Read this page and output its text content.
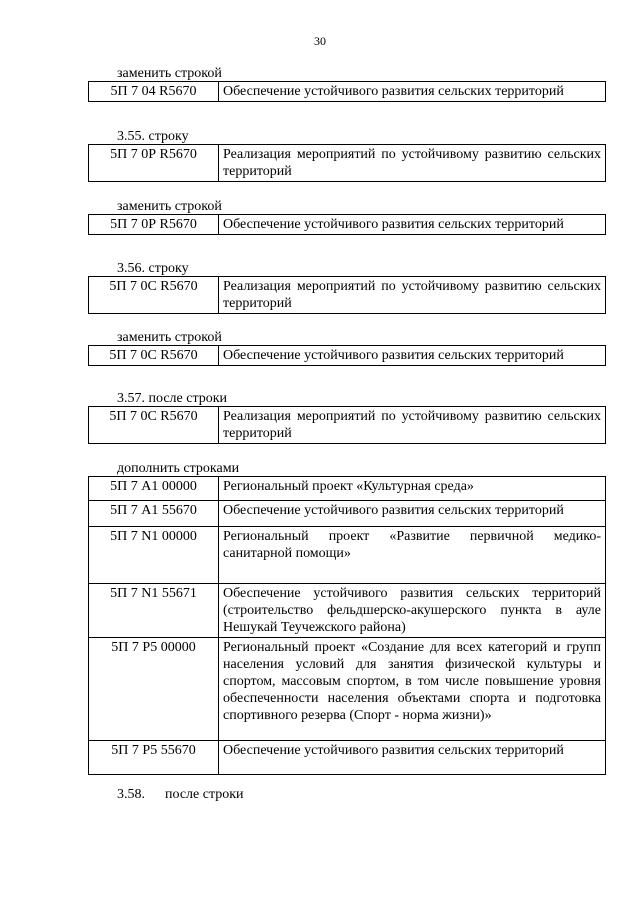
30
заменить строкой
5П 7 04 R5670	Обеспечение устойчивого развития сельских территорий
3.55. строку
5П 7 0Р R5670	Реализация мероприятий по устойчивому развитию сельских территорий
заменить строкой
5П 7 0Р R5670	Обеспечение устойчивого развития сельских территорий
3.56. строку
5П 7 0С R5670	Реализация мероприятий по устойчивому развитию сельских территорий
заменить строкой
5П 7 0С R5670	Обеспечение устойчивого развития сельских территорий
3.57. после строки
5П 7 0С R5670	Реализация мероприятий по устойчивому развитию сельских территорий
дополнить строками
5П 7 А1 00000	Региональный проект «Культурная среда»
5П 7 А1 55670	Обеспечение устойчивого развития сельских территорий
5П 7 N1 00000	Региональный проект «Развитие первичной медико-санитарной помощи»
5П 7 N1 55671	Обеспечение устойчивого развития сельских территорий (строительство фельдшерско-акушерского пункта в ауле Нешукай Теучежского района)
5П 7 Р5 00000	Региональный проект «Создание для всех категорий и групп населения условий для занятия физической культуры и спортом, массовым спортом, в том числе повышение уровня обеспеченности населения объектами спорта и подготовка спортивного резерва (Спорт - норма жизни)»
5П 7 Р5 55670	Обеспечение устойчивого развития сельских территорий
3.58. после строки
